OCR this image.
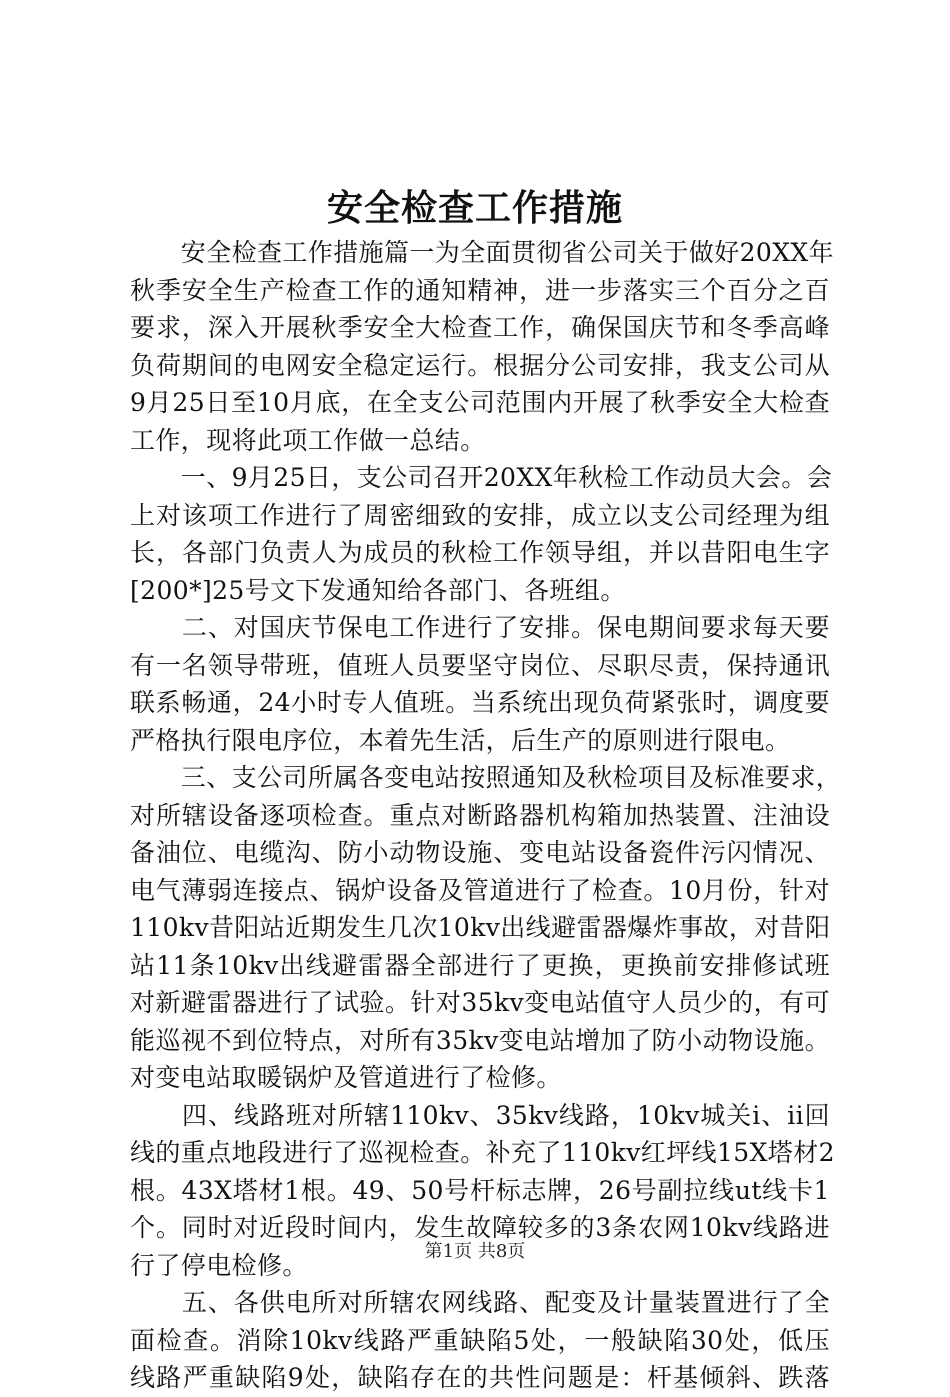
安全检查工作措施
　　安全检查工作措施篇一为全面贯彻省公司关于做好20XX年
秋季安全生产检查工作的通知精神，进一步落实三个百分之百
要求，深入开展秋季安全大检查工作，确保国庆节和冬季高峰
负荷期间的电网安全稳定运行。根据分公司安排，我支公司从
9月25日至10月底，在全支公司范围内开展了秋季安全大检查
工作，现将此项工作做一总结。
　　一、9月25日，支公司召开20XX年秋检工作动员大会。会
上对该项工作进行了周密细致的安排，成立以支公司经理为组
长，各部门负责人为成员的秋检工作领导组，并以昔阳电生字
[200*]25号文下发通知给各部门、各班组。
　　二、对国庆节保电工作进行了安排。保电期间要求每天要
有一名领导带班，值班人员要坚守岗位、尽职尽责，保持通讯
联系畅通，24小时专人值班。当系统出现负荷紧张时，调度要
严格执行限电序位，本着先生活，后生产的原则进行限电。
　　三、支公司所属各变电站按照通知及秋检项目及标准要求，
对所辖设备逐项检查。重点对断路器机构箱加热装置、注油设
备油位、电缆沟、防小动物设施、变电站设备瓷件污闪情况、
电气薄弱连接点、锅炉设备及管道进行了检查。10月份，针对
110kv昔阳站近期发生几次10kv出线避雷器爆炸事故，对昔阳
站11条10kv出线避雷器全部进行了更换，更换前安排修试班
对新避雷器进行了试验。针对35kv变电站值守人员少的，有可
能巡视不到位特点，对所有35kv变电站增加了防小动物设施。
对变电站取暖锅炉及管道进行了检修。
　　四、线路班对所辖110kv、35kv线路，10kv城关i、ii回
线的重点地段进行了巡视检查。补充了110kv红坪线15X塔材2
根。43X塔材1根。49、50号杆标志牌，26号副拉线ut线卡1
个。同时对近段时间内，发生故障较多的3条农网10kv线路进
行了停电检修。
　　五、各供电所对所辖农网线路、配变及计量装置进行了全
面检查。消除10kv线路严重缺陷5处，一般缺陷30处，低压
线路严重缺陷9处，缺陷存在的共性问题是：杆基倾斜、跌落
第1页 共8页
